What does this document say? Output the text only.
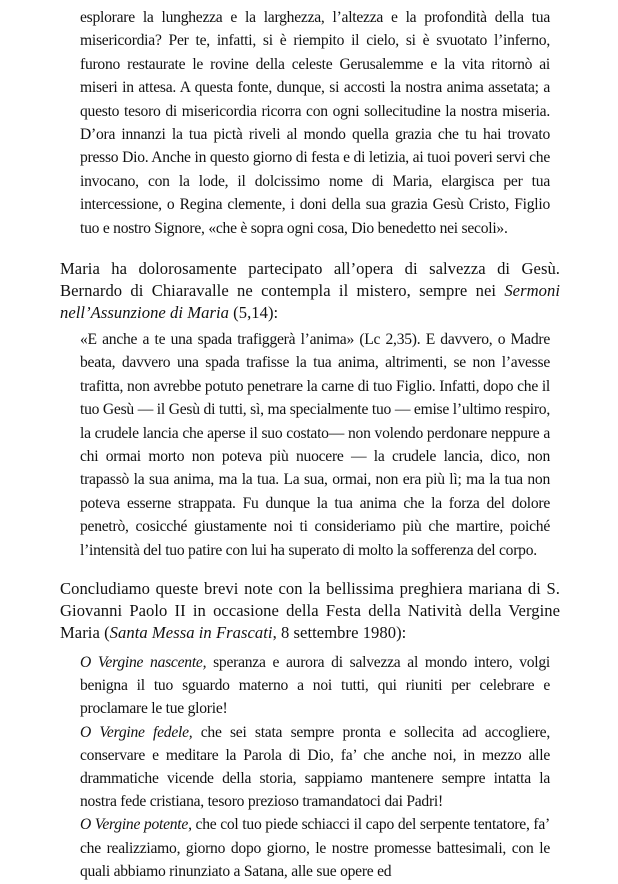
esplorare la lunghezza e la larghezza, l’altezza e la profondità della tua misericordia? Per te, infatti, si è riempito il cielo, si è svuotato l’inferno, furono restaurate le rovine della celeste Gerusalemme e la vita ritornò ai miseri in attesa. A questa fonte, dunque, si accosti la nostra anima assetata; a questo tesoro di misericordia ricorra con ogni sollecitudine la nostra miseria. D’ora innanzi la tua pictà riveli al mondo quella grazia che tu hai trovato presso Dio. Anche in questo giorno di festa e di letizia, ai tuoi poveri servi che invocano, con la lode, il dolcissimo nome di Maria, elargisca per tua intercessione, o Regina clemente, i doni della sua grazia Gesù Cristo, Figlio tuo e nostro Signore, «che è sopra ogni cosa, Dio benedetto nei secoli».

Maria ha dolorosamente partecipato all’opera di salvezza di Gesù. Bernardo di Chiaravalle ne contempla il mistero, sempre nei Sermoni nell’Assunzione di Maria (5,14):

«E anche a te una spada trafiggerà l’anima» (Lc 2,35). E davvero, o Madre beata, davvero una spada trafisse la tua anima, altrimenti, se non l’avesse trafitta, non avrebbe potuto penetrare la carne di tuo Figlio. Infatti, dopo che il tuo Gesù — il Gesù di tutti, sì, ma specialmente tuo — emise l’ultimo respiro, la crudele lancia che aperse il suo costato— non volendo perdonare neppure a chi ormai morto non poteva più nuocere — la crudele lancia, dico, non trapassò la sua anima, ma la tua. La sua, ormai, non era più lì; ma la tua non poteva esserne strappata. Fu dunque la tua anima che la forza del dolore penetrò, cosicché giustamente noi ti consideriamo più che martire, poiché l’intensità del tuo patire con lui ha superato di molto la sofferenza del corpo.

Concludiamo queste brevi note con la bellissima preghiera mariana di S. Giovanni Paolo II in occasione della Festa della Natività della Vergine Maria (Santa Messa in Frascati, 8 settembre 1980):

O Vergine nascente, speranza e aurora di salvezza al mondo intero, volgi benigna il tuo sguardo materno a noi tutti, qui riuniti per celebrare e proclamare le tue glorie!

O Vergine fedele, che sei stata sempre pronta e sollecita ad accogliere, conservare e meditare la Parola di Dio, fa’ che anche noi, in mezzo alle drammatiche vicende della storia, sappiamo mantenere sempre intatta la nostra fede cristiana, tesoro prezioso tramandatoci dai Padri!

O Vergine potente, che col tuo piede schiacci il capo del serpente tentatore, fa’ che realizziamo, giorno dopo giorno, le nostre promesse battesimali, con le quali abbiamo rinunziato a Satana, alle sue opere ed
